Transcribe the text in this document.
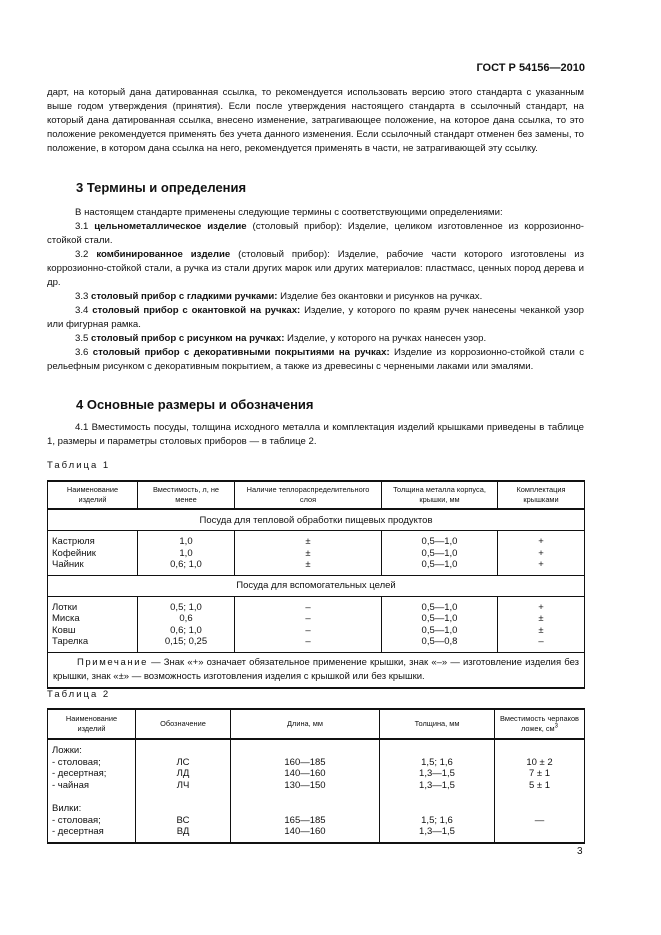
ГОСТ Р 54156—2010

дарт, на который дана датированная ссылка, то рекомендуется использовать версию этого стандарта с указанным выше годом утверждения (принятия). Если после утверждения настоящего стандарта в ссылочный стандарт, на который дана датированная ссылка, внесено изменение, затрагивающее положение, на которое дана ссылка, то это положение рекомендуется применять без учета данного изменения. Если ссылочный стандарт отменен без замены, то положение, в котором дана ссылка на него, рекомендуется применять в части, не затрагивающей эту ссылку.

3 Термины и определения

В настоящем стандарте применены следующие термины с соответствующими определениями:

3.1 цельнометаллическое изделие (столовый прибор): Изделие, целиком изготовленное из коррозионно-стойкой стали.

3.2 комбинированное изделие (столовый прибор): Изделие, рабочие части которого изготовлены из коррозионно-стойкой стали, а ручка из стали других марок или других материалов: пластмасс, ценных пород дерева и др.

3.3 столовый прибор с гладкими ручками: Изделие без окантовки и рисунков на ручках.

3.4 столовый прибор с окантовкой на ручках: Изделие, у которого по краям ручек нанесены чеканкой узор или фигурная рамка.

3.5 столовый прибор с рисунком на ручках: Изделие, у которого на ручках нанесен узор.

3.6 столовый прибор с декоративными покрытиями на ручках: Изделие из коррозионно-стойкой стали с рельефным рисунком с декоративным покрытием, а также из древесины с чернеными лаками или эмалями.

4 Основные размеры и обозначения

4.1 Вместимость посуды, толщина исходного металла и комплектация изделий крышками приведены в таблице 1, размеры и параметры столовых приборов — в таблице 2.

Таблица 1
Наименование изделий	Вместимость, л, не менее	Наличие теплораспределительного слоя	Толщина металла корпуса, крышки, мм	Комплектация крышками
Посуда для тепловой обработки пищевых продуктов				
Кастрюля	1,0	±	0,5—1,0	+
Кофейник	1,0	±	0,5—1,0	+
Чайник	0,6; 1,0	±	0,5—1,0	+
Посуда для вспомогательных целей				
Лотки	0,5; 1,0	–	0,5—1,0	+
Миска	0,6	–	0,5—1,0	±
Ковш	0,6; 1,0	–	0,5—1,0	±
Тарелка	0,15; 0,25	–	0,5—0,8	–
Примечание — Знак «+» означает обязательное применение крышки, знак «–» — изготовление изделия без крышки, знак «±» — возможность изготовления изделия с крышкой или без крышки.				
Таблица 2
Наименование изделий	Обозначение	Длина, мм	Толщина, мм	Вместимость черпаков ложек, $см^3$
Ложки:				
- столовая;	ЛС	160—185	1,5; 1,6	10 ± 2
- десертная;	ЛД	140—160	1,3—1,5	7 ± 1
- чайная	ЛЧ	130—150	1,3—1,5	5 ± 1
Вилки:				
- столовая;	ВС	165—185	1,5; 1,6	—
- десертная	ВД	140—160	1,3—1,5	
3
